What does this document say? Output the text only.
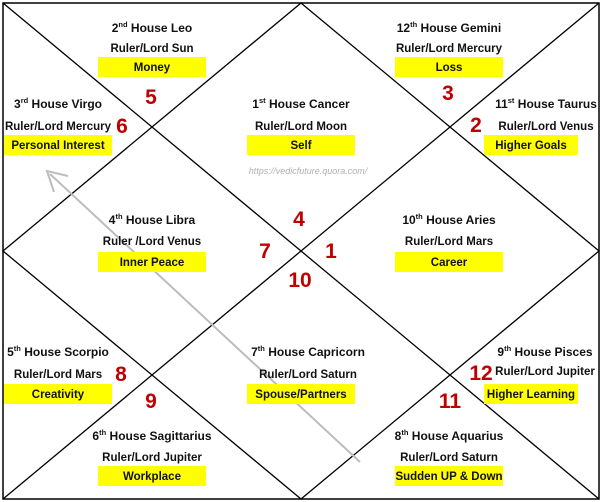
https://vedicfuture.quora.com/
1st House Cancer
Ruler/Lord Moon
Self
2nd House Leo
Ruler/Lord Sun
Money
3rd House Virgo
Ruler/Lord Mercury
Personal Interest
4th House Libra
Ruler /Lord Venus
Inner Peace
5th House Scorpio
Ruler/Lord Mars
Creativity
6th House Sagittarius
Ruler/Lord Jupiter
Workplace
7th House Capricorn
Ruler/Lord Saturn
Spouse/Partners
8th House Aquarius
Ruler/Lord Saturn
Sudden UP & Down
9th House Pisces
Ruler/Lord Jupiter
Higher Learning
10th House Aries
Ruler/Lord Mars
Career
11st House Taurus
Ruler/Lord Venus
Higher Goals
12th House Gemini
Ruler/Lord Mercury
Loss
1
2
3
4
5
6
7
8
9
10
11
12
